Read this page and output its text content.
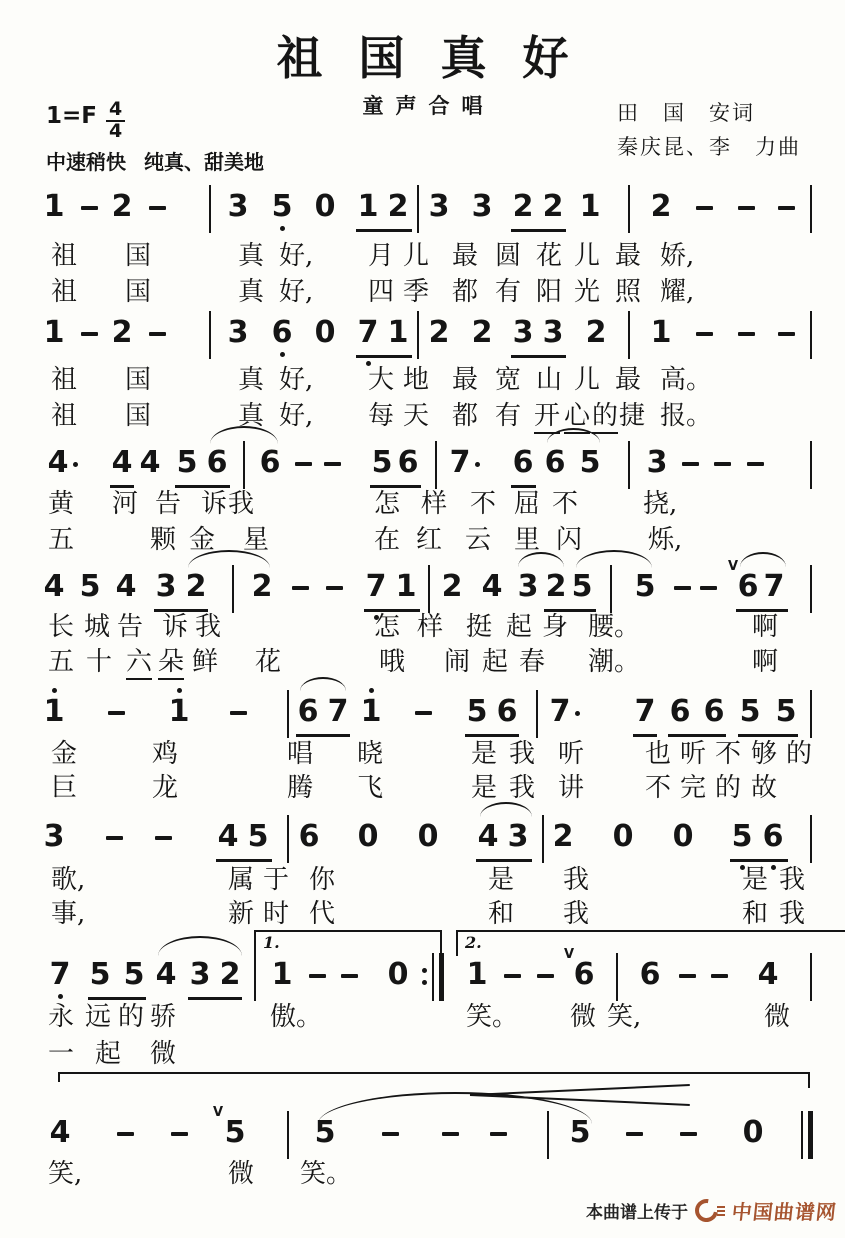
祖国真好
童声合唱	田　国　安词
秦庆昆、李　力曲
$1=F \frac{4}{4}$
中速稍快 纯真、甜美地
1 2	3 5 0 1 2 3 3 2 2 1 2
祖 国	真 好, 月 儿 最 圆 花 儿 最 娇,
祖 国	真 好, 四 季 都 有 阳 光 照 耀,
1 2	3 6 0 7 1 2 2 3 3 2 1
祖 国	真 好, 大 地 最 宽 山 儿 最 高。
祖 国	真 好, 每 天 都 有 开 心 的 捷 报。
4 4 4 5 6 6	5 6 7 6 6 5 3
黄 河 告 诉 我	怎 样 不 屈 不 挠,
五	颗 金 星	在 红 云 里 闪	烁,
4 5 4 3 2 2	7 1 2 4 3 2 5 5
V
6 7
长 城 告 诉 我	怎 样 挺 起 身 腰。	啊
五 十 六 朵 鲜 花	哦 闹 起 春 潮。	啊
1	1	6 7 1	5 6 7 7 6 6 5 5
金	鸡	唱 晓	是 我 听 也 听 不 够 的
巨	龙	腾 飞	是 我 讲 不 完 的 故
3	4 5 6 0 0 4 3 2 0 0 5 6
歌,	属 于 你	是 我	是 我
事,	新 时 代	和 我	和 我
7 5 5 4 3 2 1	0 1
V
6 6	4
1.	2.
永 远 的 骄	傲。	笑。 微 笑,	微
一 起 微
4
V
5 5	5	0
笑,	微 笑。
本曲谱上传于 中国曲谱网
